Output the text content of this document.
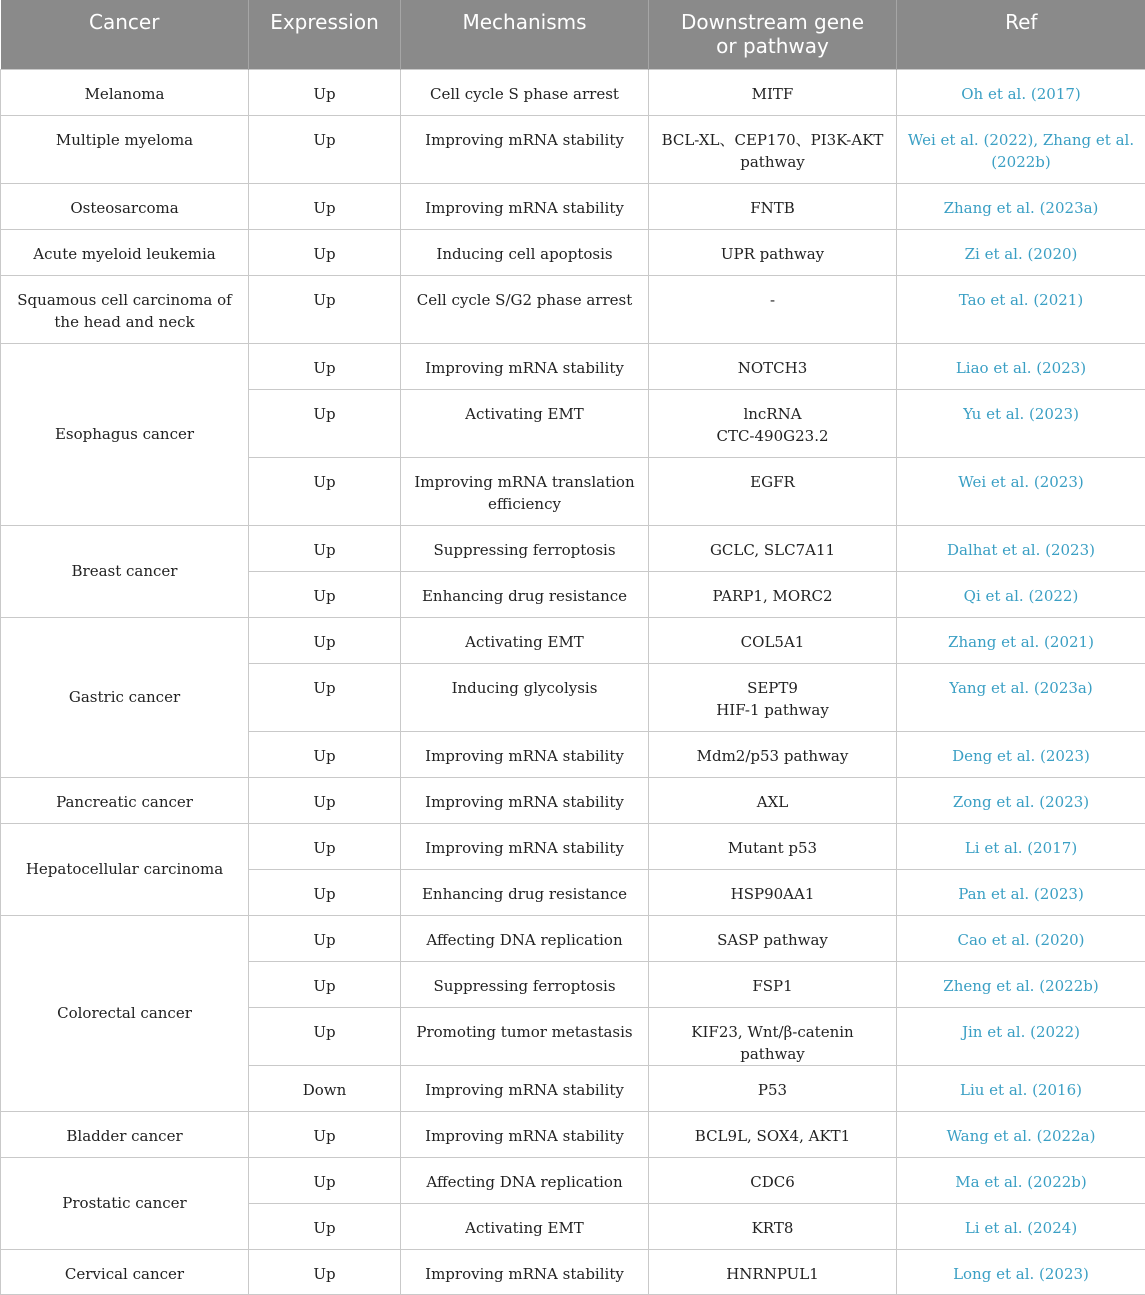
Cancer	Expression	Mechanisms	Downstream gene
or pathway	Ref
Melanoma	Up	Cell cycle S phase arrest	MITF	Oh et al. (2017)
Multiple myeloma	Up	Improving mRNA stability	BCL-XL、CEP170、PI3K-AKT pathway	Wei et al. (2022), Zhang et al. (2022b)
Osteosarcoma	Up	Improving mRNA stability	FNTB	Zhang et al. (2023a)
Acute myeloid leukemia	Up	Inducing cell apoptosis	UPR pathway	Zi et al. (2020)
Squamous cell carcinoma of the head and neck	Up	Cell cycle S/G2 phase arrest	-	Tao et al. (2021)
Esophagus cancer	Up	Improving mRNA stability	NOTCH3	Liao et al. (2023)
	Up	Activating EMT	lncRNA
CTC-490G23.2	Yu et al. (2023)
	Up	Improving mRNA translation efficiency	EGFR	Wei et al. (2023)
Breast cancer	Up	Suppressing ferroptosis	GCLC, SLC7A11	Dalhat et al. (2023)
	Up	Enhancing drug resistance	PARP1, MORC2	Qi et al. (2022)
Gastric cancer	Up	Activating EMT	COL5A1	Zhang et al. (2021)
	Up	Inducing glycolysis	SEPT9
HIF-1 pathway	Yang et al. (2023a)
	Up	Improving mRNA stability	Mdm2/p53 pathway	Deng et al. (2023)
Pancreatic cancer	Up	Improving mRNA stability	AXL	Zong et al. (2023)
Hepatocellular carcinoma	Up	Improving mRNA stability	Mutant p53	Li et al. (2017)
	Up	Enhancing drug resistance	HSP90AA1	Pan et al. (2023)
Colorectal cancer	Up	Affecting DNA replication	SASP pathway	Cao et al. (2020)
	Up	Suppressing ferroptosis	FSP1	Zheng et al. (2022b)
	Up	Promoting tumor metastasis	KIF23, Wnt/β-catenin pathway	Jin et al. (2022)
	Down	Improving mRNA stability	P53	Liu et al. (2016)
Bladder cancer	Up	Improving mRNA stability	BCL9L, SOX4, AKT1	Wang et al. (2022a)
Prostatic cancer	Up	Affecting DNA replication	CDC6	Ma et al. (2022b)
	Up	Activating EMT	KRT8	Li et al. (2024)
Cervical cancer	Up	Improving mRNA stability	HNRNPUL1	Long et al. (2023)
